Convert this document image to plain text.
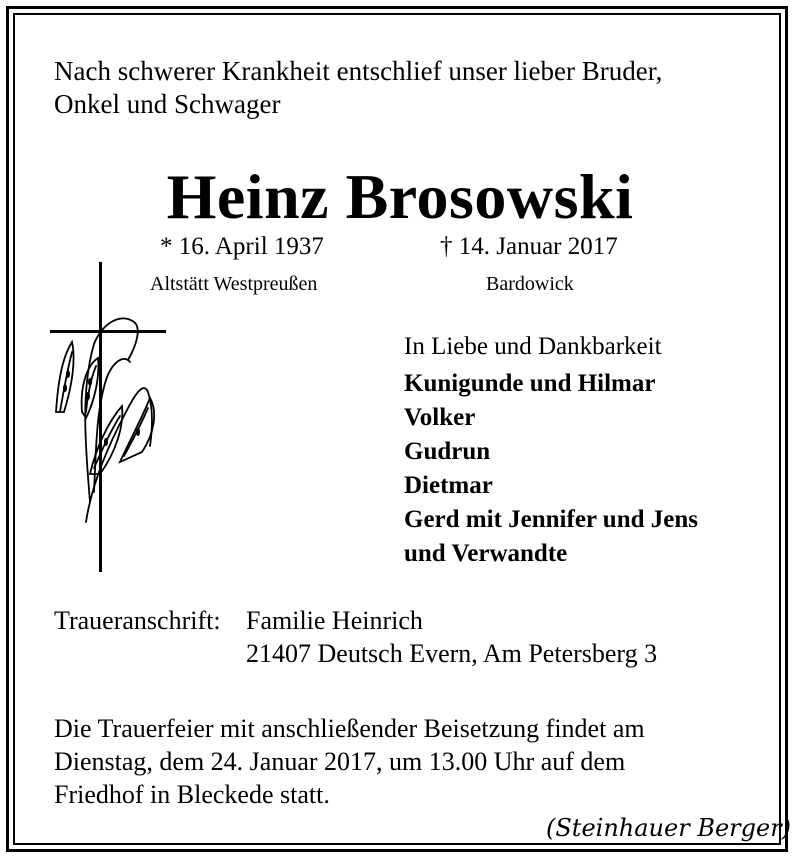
Nach schwerer Krankheit entschlief unser lieber Bruder,
Onkel und Schwager
Heinz Brosowski
* 16. April 1937	† 14. Januar 2017
Altstätt Westpreußen	Bardowick
In Liebe und Dankbarkeit
Kunigunde und Hilmar
Volker
Gudrun
Dietmar
Gerd mit Jennifer und Jens
und Verwandte
Traueranschrift: Familie Heinrich
21407 Deutsch Evern, Am Petersberg 3
Die Trauerfeier mit anschließender Beisetzung findet am
Dienstag, dem 24. Januar 2017, um 13.00 Uhr auf dem
Friedhof in Bleckede statt.
(Steinhauer Berger)
